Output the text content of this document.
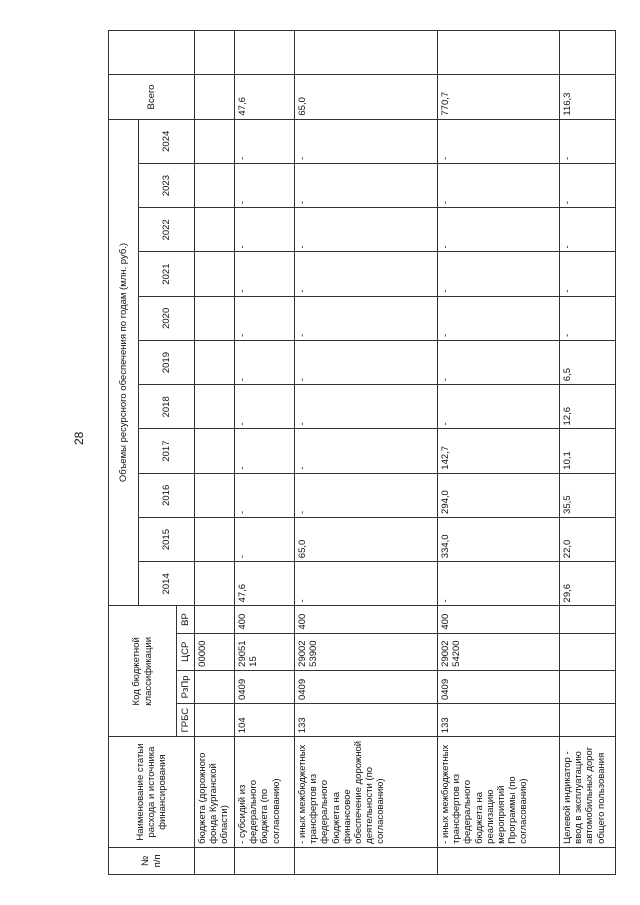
28
№ п/п	Наименование статьи расхода и источника финансирования	Код бюджетной классификации				Объемы ресурсного обеспечения по годам (млн. руб.)											Всего	
						2014	2015	2016	2017	2018	2019	2020	2021	2022	2023	2024		
		ГРБС	РзПр	ЦСР	ВР													
	бюджета (дорожного фонда Курганской области)			00000														
	- субсидий из федерального бюджета (по согласованию)	104	0409	29051 15	400	47,6	-	-	-	-	-	-	-	-	-	-	47,6	
	- иных межбюджетных трансфертов из федерального бюджета на финансовое обеспечение дорожной деятельности (по согласованию)	133	0409	29002 53900	400	-	65,0	-	-	-	-	-	-	-	-	-	65,0	
	- иных межбюджетных трансфертов из федерального бюджета на реализацию мероприятий Программы (по согласованию)	133	0409	29002 54200	400	-	334,0	294,0	142,7	-	-	-	-	-	-	-	770,7	
	Целевой индикатор - ввод в эксплуатацию автомобильных дорог общего пользования					29,6	22,0	35,5	10,1	12,6	6,5	-	-	-	-	-	116,3	
